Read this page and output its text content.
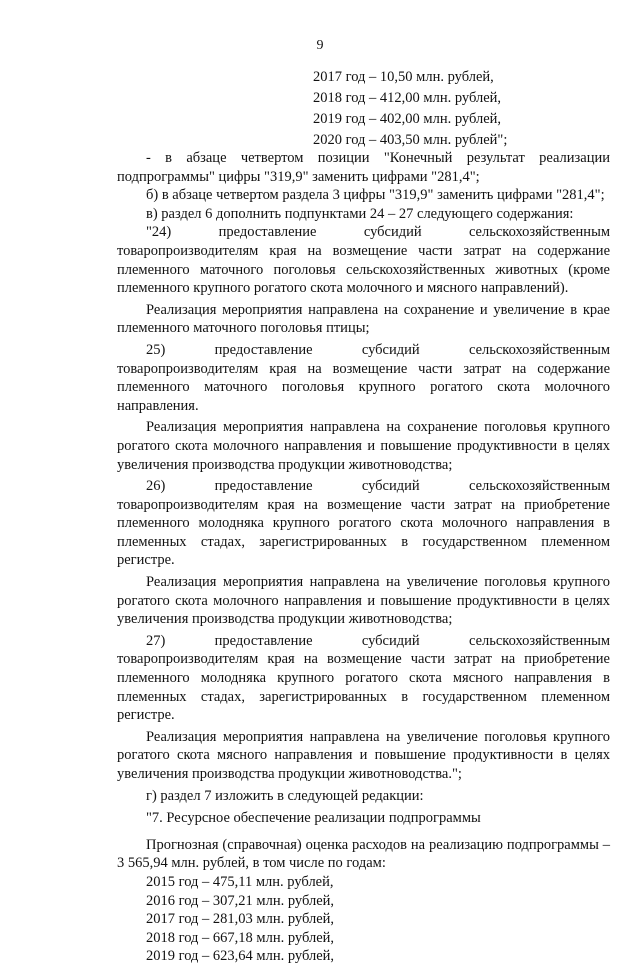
9
2017 год – 10,50 млн. рублей,
2018 год – 412,00 млн. рублей,
2019 год – 402,00 млн. рублей,
2020 год – 403,50 млн. рублей";

- в абзаце четвертом позиции "Конечный результат реализации подпрограммы" цифры "319,9" заменить цифрами "281,4";

б) в абзаце четвертом раздела 3 цифры "319,9" заменить цифрами "281,4";

в) раздел 6 дополнить подпунктами 24 – 27 следующего содержания:

"24) предоставление субсидий сельскохозяйственным товаропроизводителям края на возмещение части затрат на содержание племенного маточного поголовья сельскохозяйственных животных (кроме племенного крупного рогатого скота молочного и мясного направлений).

Реализация мероприятия направлена на сохранение и увеличение в крае племенного маточного поголовья птицы;

25) предоставление субсидий сельскохозяйственным товаропроизводителям края на возмещение части затрат на содержание племенного маточного поголовья крупного рогатого скота молочного направления.

Реализация мероприятия направлена на сохранение поголовья крупного рогатого скота молочного направления и повышение продуктивности в целях увеличения производства продукции животноводства;

26) предоставление субсидий сельскохозяйственным товаропроизводителям края на возмещение части затрат на приобретение племенного молодняка крупного рогатого скота молочного направления в племенных стадах, зарегистрированных в государственном племенном регистре.

Реализация мероприятия направлена на увеличение поголовья крупного рогатого скота молочного направления и повышение продуктивности в целях увеличения производства продукции животноводства;

27) предоставление субсидий сельскохозяйственным товаропроизводителям края на возмещение части затрат на приобретение племенного молодняка крупного рогатого скота мясного направления в племенных стадах, зарегистрированных в государственном племенном регистре.

Реализация мероприятия направлена на увеличение поголовья крупного рогатого скота мясного направления и повышение продуктивности в целях увеличения производства продукции животноводства.";

г) раздел 7 изложить в следующей редакции:

"7. Ресурсное обеспечение реализации подпрограммы

Прогнозная (справочная) оценка расходов на реализацию подпрограммы – 3 565,94 млн. рублей, в том числе по годам:

2015 год – 475,11 млн. рублей,

2016 год – 307,21 млн. рублей,

2017 год – 281,03 млн. рублей,

2018 год – 667,18 млн. рублей,

2019 год – 623,64 млн. рублей,
